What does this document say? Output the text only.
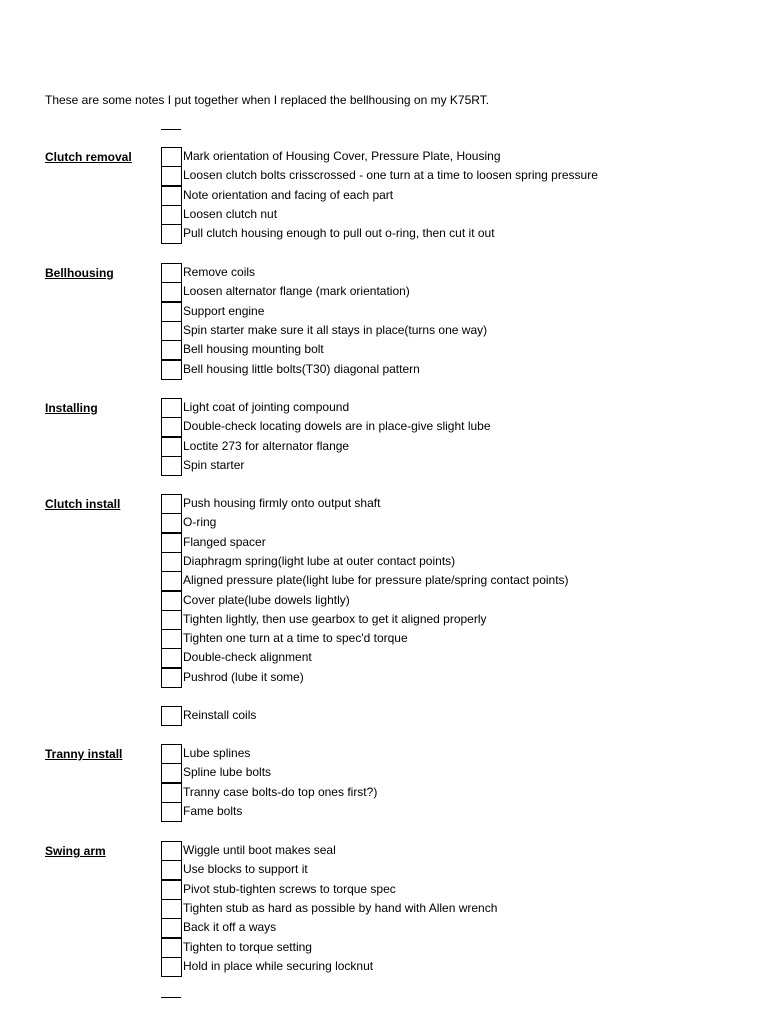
These are some notes I put together when I replaced the bellhousing on my K75RT.
Clutch removal	Mark orientation of Housing Cover, Pressure Plate, Housing
Loosen clutch bolts crisscrossed - one turn at a time to loosen spring pressure
Note orientation and facing of each part
Loosen clutch nut
Pull clutch housing enough to pull out o-ring, then cut it out
Bellhousing	Remove coils
Loosen alternator flange (mark orientation)
Support engine
Spin starter make sure it all stays in place(turns one way)
Bell housing mounting bolt
Bell housing little bolts(T30) diagonal pattern
Installing	Light coat of jointing compound
Double-check locating dowels are in place-give slight lube
Loctite 273 for alternator flange
Spin starter
Clutch install	Push housing firmly onto output shaft
O-ring
Flanged spacer
Diaphragm spring(light lube at outer contact points)
Aligned pressure plate(light lube for pressure plate/spring contact points)
Cover plate(lube dowels lightly)
Tighten lightly, then use gearbox to get it aligned properly
Tighten one turn at a time to spec'd torque
Double-check alignment
Pushrod (lube it some)
Reinstall coils
Tranny install	Lube splines
Spline lube bolts
Tranny case bolts-do top ones first?)
Fame bolts
Swing arm	Wiggle until boot makes seal
Use blocks to support it
Pivot stub-tighten screws to torque spec
Tighten stub as hard as possible by hand with Allen wrench
Back it off a ways
Tighten to torque setting
Hold in place while securing locknut
